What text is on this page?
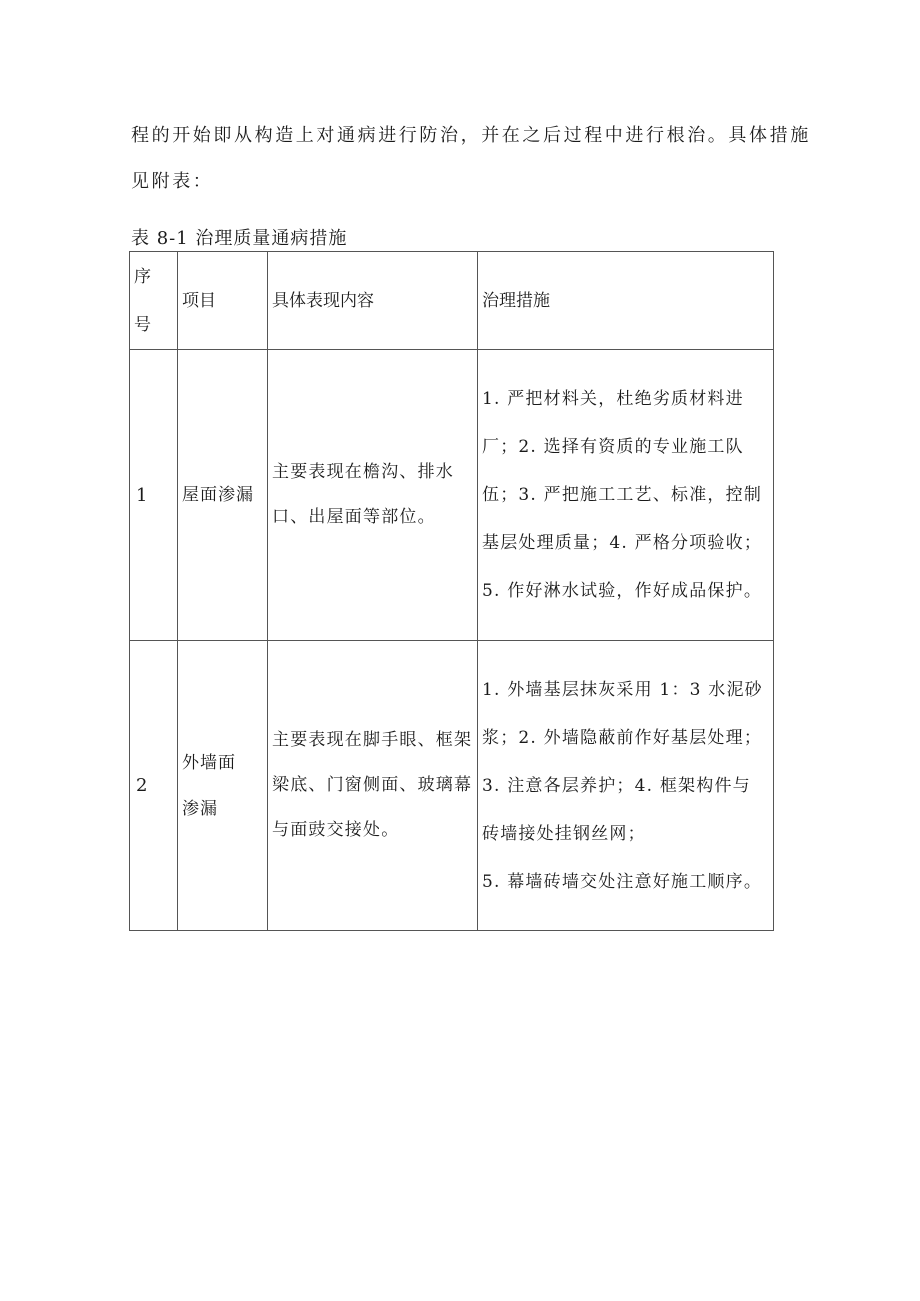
程的开始即从构造上对通病进行防治，并在之后过程中进行根治。具体措施见附表：
表 8-1 治理质量通病措施
序号	项目	具体表现内容	治理措施
1	屋面渗漏	主要表现在檐沟、排水口、出屋面等部位。	1. 严把材料关，杜绝劣质材料进厂；2. 选择有资质的专业施工队伍；3. 严把施工工艺、标准，控制基层处理质量；4. 严格分项验收；5. 作好淋水试验，作好成品保护。

2	外墙面渗漏	主要表现在脚手眼、框架梁底、门窗侧面、玻璃幕与面豉交接处。	1. 外墙基层抹灰采用 1：3 水泥砂浆；2. 外墙隐蔽前作好基层处理；3. 注意各层养护；4. 框架构件与砖墙接处挂钢丝网；
5. 幕墙砖墙交处注意好施工顺序。
